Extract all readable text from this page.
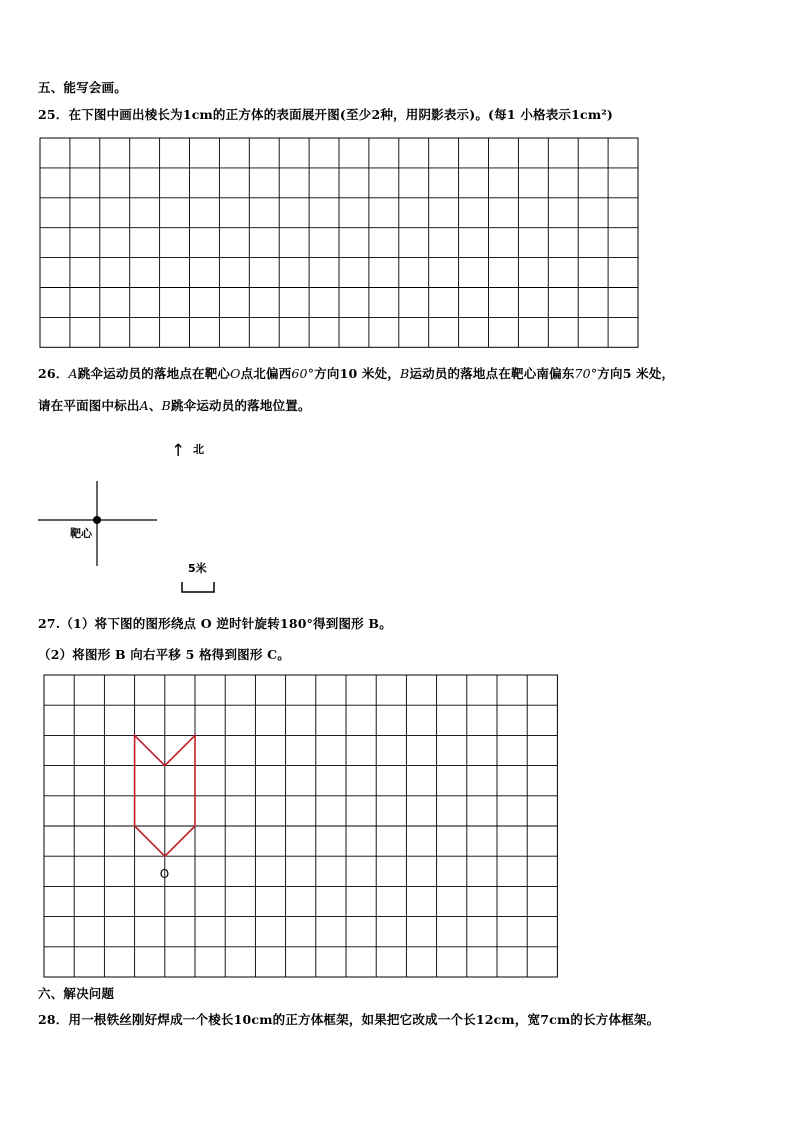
五、能写会画。
25．在下图中画出棱长为1cm的正方体的表面展开图(至少2种，用阴影表示)。(每1 小格表示1cm²)
26．A跳伞运动员的落地点在靶心O点北偏西60°方向10 米处，B运动员的落地点在靶心南偏东70°方向5 米处，
请在平面图中标出A、B跳伞运动员的落地位置。
↑ 北
靶心
5米
27.（1）将下图的图形绕点 O 逆时针旋转180°得到图形 B。
（2）将图形 B 向右平移 5 格得到图形 C。
O
六、解决问题
28．用一根铁丝刚好焊成一个棱长10cm的正方体框架，如果把它改成一个长12cm，宽7cm的长方体框架。
